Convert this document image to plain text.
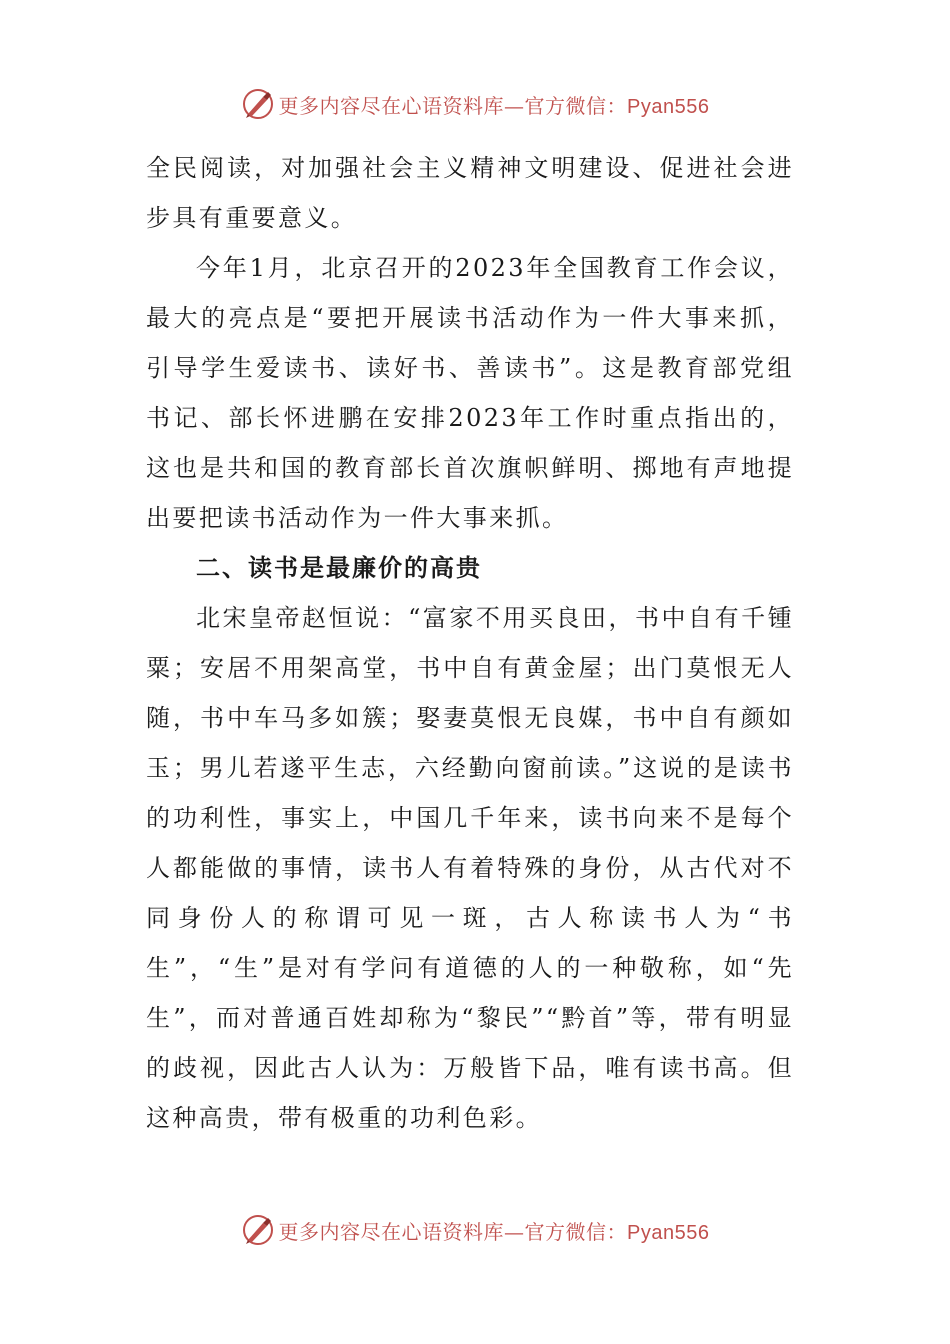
更多内容尽在心语资料库—官方微信：Pyan556

全民阅读，对加强社会主义精神文明建设、促进社会进步具有重要意义。

今年1月，北京召开的2023年全国教育工作会议，最大的亮点是“要把开展读书活动作为一件大事来抓，引导学生爱读书、读好书、善读书”。这是教育部党组书记、部长怀进鹏在安排2023年工作时重点指出的，这也是共和国的教育部长首次旗帜鲜明、掷地有声地提出要把读书活动作为一件大事来抓。

二、读书是最廉价的高贵

北宋皇帝赵恒说：“富家不用买良田，书中自有千锺粟；安居不用架高堂，书中自有黄金屋；出门莫恨无人随，书中车马多如簇；娶妻莫恨无良媒，书中自有颜如玉；男儿若遂平生志，六经勤向窗前读。”这说的是读书的功利性，事实上，中国几千年来，读书向来不是每个人都能做的事情，读书人有着特殊的身份，从古代对不同身份人的称谓可见一斑，古人称读书人为“书生”，“生”是对有学问有道德的人的一种敬称，如“先生”，而对普通百姓却称为“黎民”“黔首”等，带有明显的歧视，因此古人认为：万般皆下品，唯有读书高。但这种高贵，带有极重的功利色彩。

更多内容尽在心语资料库—官方微信：Pyan556
